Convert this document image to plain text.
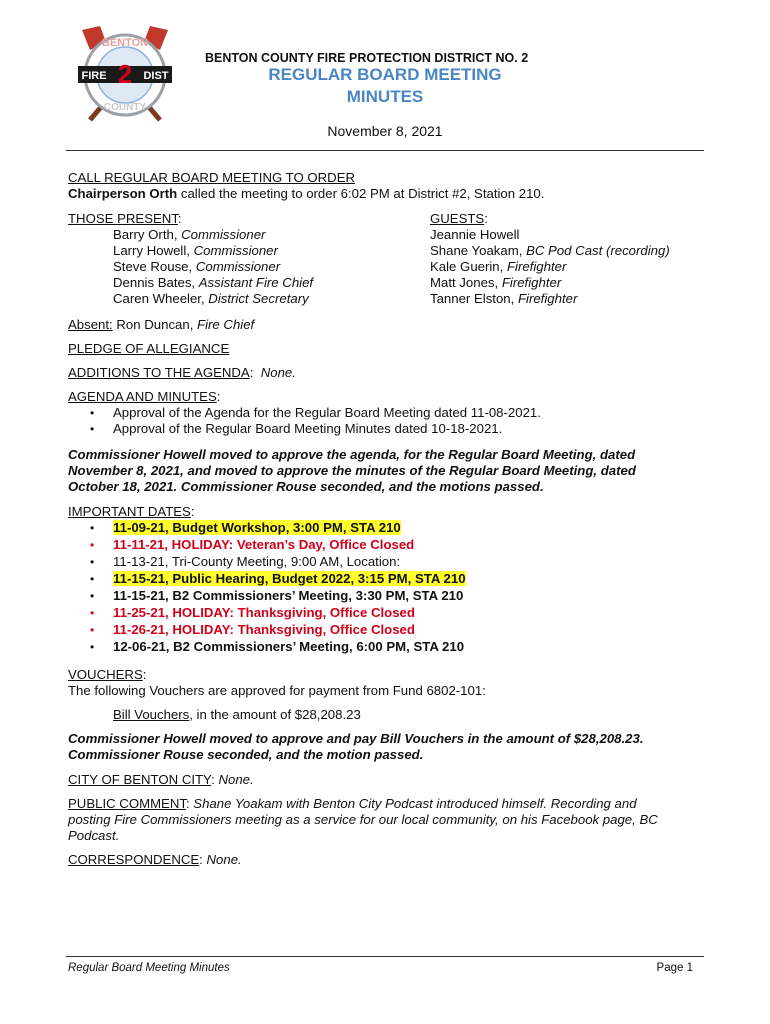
BENTON
FIRE 2 DIST
COUNTY
BENTON COUNTY FIRE PROTECTION DISTRICT NO. 2
REGULAR BOARD MEETING
MINUTES
November 8, 2021
CALL REGULAR BOARD MEETING TO ORDER
Chairperson Orth called the meeting to order 6:02 PM at District #2, Station 210.
THOSE PRESENT:
Barry Orth, Commissioner
Larry Howell, Commissioner
Steve Rouse, Commissioner
Dennis Bates, Assistant Fire Chief
Caren Wheeler, District Secretary
GUESTS:
Jeannie Howell
Shane Yoakam, BC Pod Cast (recording)
Kale Guerin, Firefighter
Matt Jones, Firefighter
Tanner Elston, Firefighter
Absent: Ron Duncan, Fire Chief
PLEDGE OF ALLEGIANCE
ADDITIONS TO THE AGENDA:  None.
AGENDA AND MINUTES:
• Approval of the Agenda for the Regular Board Meeting dated 11-08-2021.
• Approval of the Regular Board Meeting Minutes dated 10-18-2021.
Commissioner Howell moved to approve the agenda, for the Regular Board Meeting, dated
November 8, 2021, and moved to approve the minutes of the Regular Board Meeting, dated
October 18, 2021. Commissioner Rouse seconded, and the motions passed.
IMPORTANT DATES:
• 11-09-21, Budget Workshop, 3:00 PM, STA 210
• 11-11-21, HOLIDAY: Veteran’s Day, Office Closed
• 11-13-21, Tri-County Meeting, 9:00 AM, Location:
• 11-15-21, Public Hearing, Budget 2022, 3:15 PM, STA 210
• 11-15-21, B2 Commissioners’ Meeting, 3:30 PM, STA 210
• 11-25-21, HOLIDAY: Thanksgiving, Office Closed
• 11-26-21, HOLIDAY: Thanksgiving, Office Closed
• 12-06-21, B2 Commissioners’ Meeting, 6:00 PM, STA 210
VOUCHERS:
The following Vouchers are approved for payment from Fund 6802-101:
Bill Vouchers, in the amount of $28,208.23
Commissioner Howell moved to approve and pay Bill Vouchers in the amount of $28,208.23.
Commissioner Rouse seconded, and the motion passed.
CITY OF BENTON CITY: None.
PUBLIC COMMENT: Shane Yoakam with Benton City Podcast introduced himself. Recording and
posting Fire Commissioners meeting as a service for our local community, on his Facebook page, BC
Podcast.
CORRESPONDENCE: None.
Regular Board Meeting Minutes	Page 1
